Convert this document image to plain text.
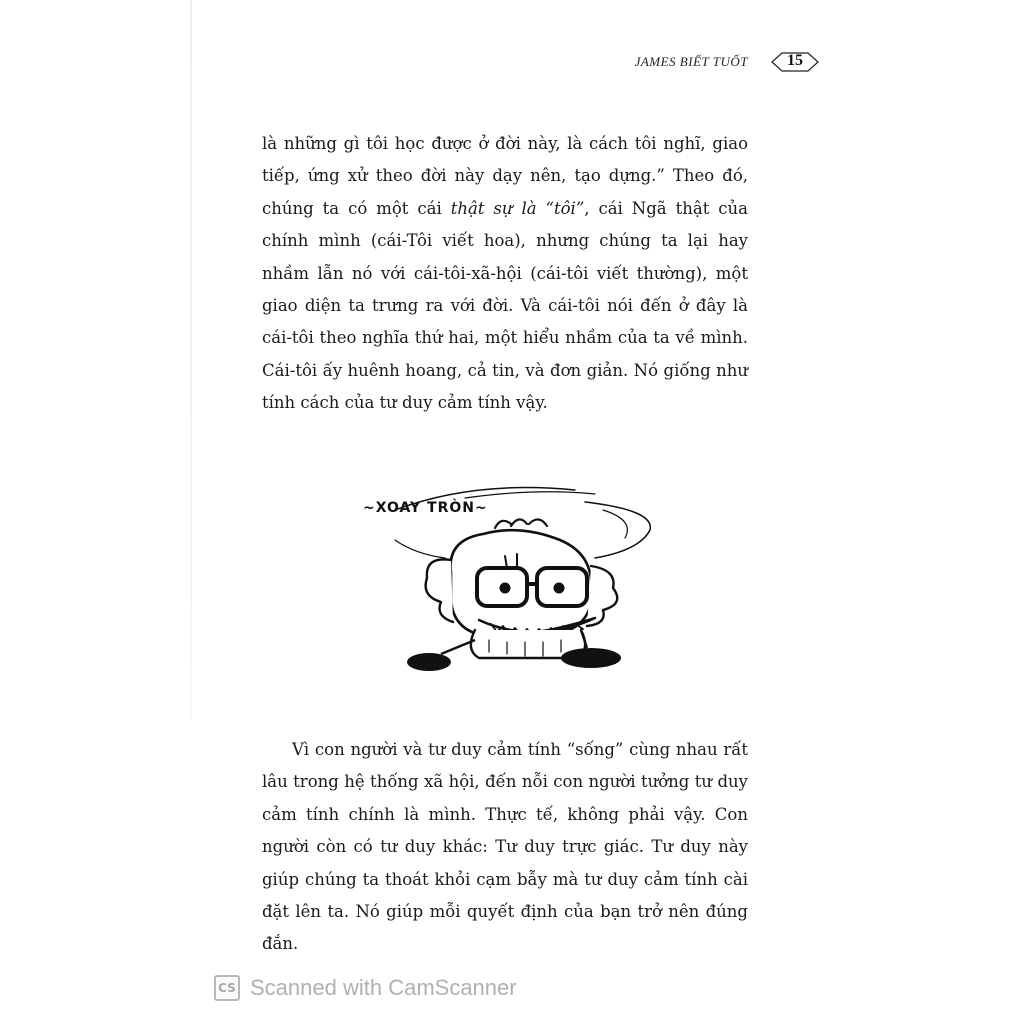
JAMES BIẾT TUỐT	15
là những gì tôi học được ở đời này, là cách tôi nghĩ, giao tiếp, ứng xử theo đời này dạy nên, tạo dựng.” Theo đó, chúng ta có một cái thật sự là “tôi”, cái Ngã thật của chính mình (cái-Tôi viết hoa), nhưng chúng ta lại hay nhầm lẫn nó với cái-tôi-xã-hội (cái-tôi viết thường), một giao diện ta trưng ra với đời. Và cái-tôi nói đến ở đây là cái-tôi theo nghĩa thứ hai, một hiểu nhầm của ta về mình. Cái-tôi ấy huênh hoang, cả tin, và đơn giản. Nó giống như tính cách của tư duy cảm tính vậy.
~XOAY TRÒN~
Vì con người và tư duy cảm tính “sống” cùng nhau rất lâu trong hệ thống xã hội, đến nỗi con người tưởng tư duy cảm tính chính là mình. Thực tế, không phải vậy. Con người còn có tư duy khác: Tư duy trực giác. Tư duy này giúp chúng ta thoát khỏi cạm bẫy mà tư duy cảm tính cài đặt lên ta. Nó giúp mỗi quyết định của bạn trở nên đúng đắn.
CS Scanned with CamScanner
